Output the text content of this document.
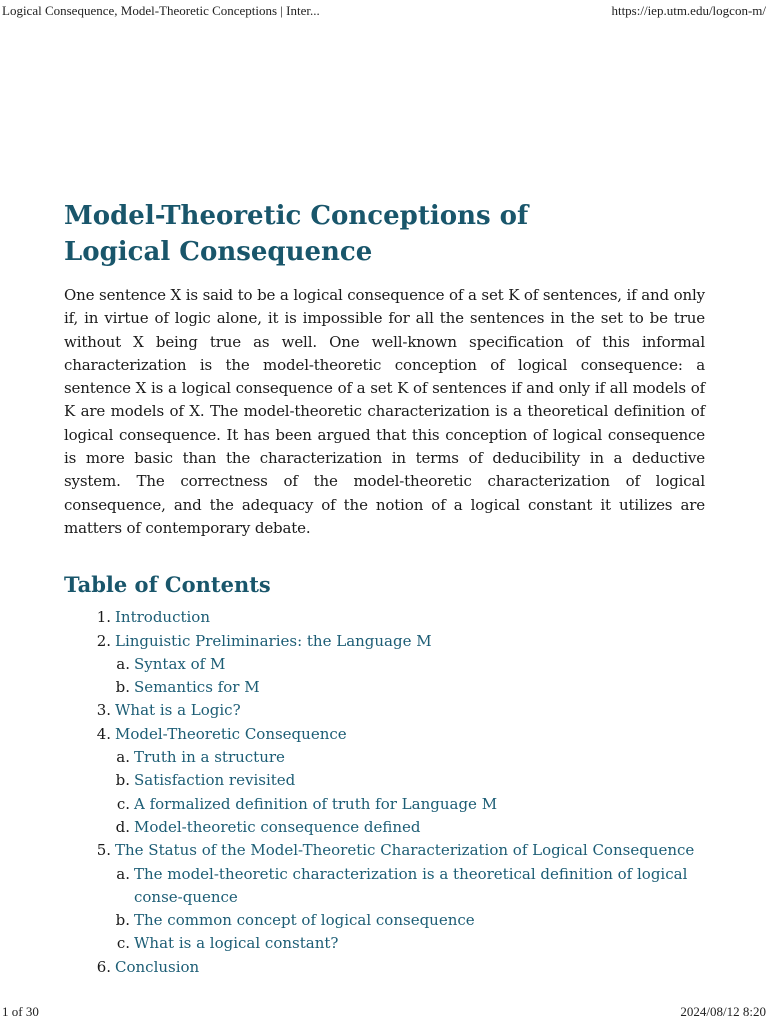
Logical Consequence, Model-Theoretic Conceptions | Inter...	https://iep.utm.edu/logcon-m/
Model-Theoretic Conceptions of Logical Consequence

One sentence X is said to be a logical consequence of a set K of sentences, if and only if, in virtue of logic alone, it is impossible for all the sentences in the set to be true without X being true as well. One well-known specification of this informal characterization is the model-theoretic conception of logical consequence: a sentence X is a logical consequence of a set K of sentences if and only if all models of K are models of X. The model-theoretic characterization is a theoretical definition of logical consequence. It has been argued that this conception of logical consequence is more basic than the characterization in terms of deducibility in a deductive system. The correctness of the model-theoretic characterization of logical consequence, and the adequacy of the notion of a logical constant it utilizes are matters of contemporary debate.

Table of Contents
1. Introduction
2. Linguistic Preliminaries: the Language M
a. Syntax of M
b. Semantics for M
3. What is a Logic?
4. Model-Theoretic Consequence
a. Truth in a structure
b. Satisfaction revisited
c. A formalized definition of truth for Language M
d. Model-theoretic consequence defined
5. The Status of the Model-Theoretic Characterization of Logical Consequence
a. The model-theoretic characterization is a theoretical definition of logical conse-quence
b. The common concept of logical consequence
c. What is a logical constant?
6. Conclusion
1 of 30	2024/08/12 8:20
